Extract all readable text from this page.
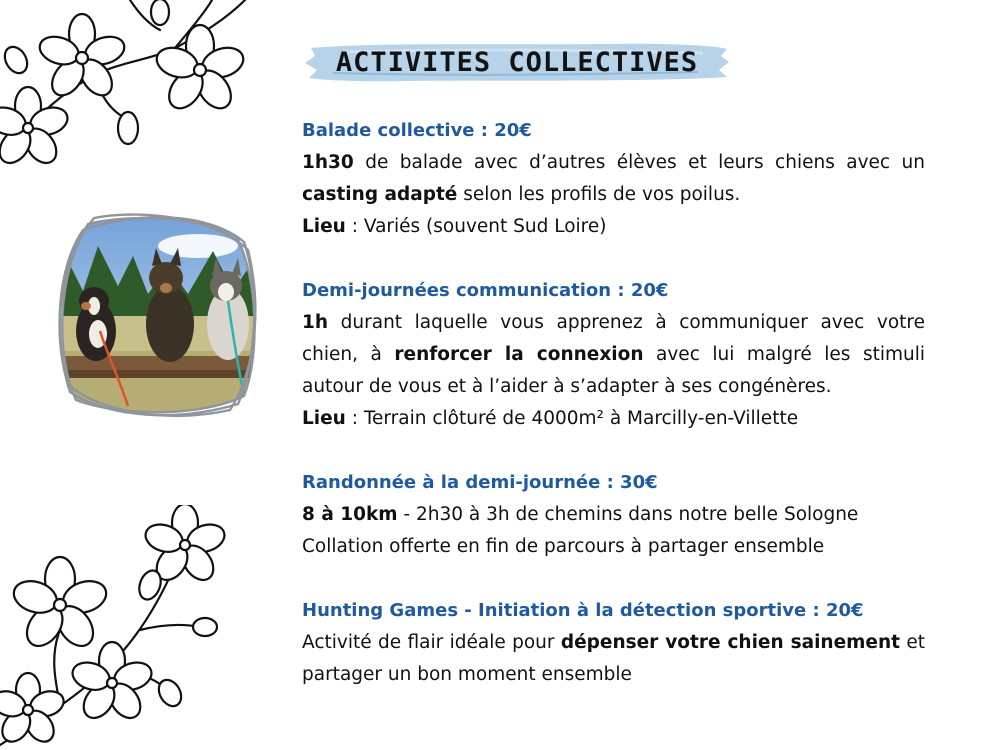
ACTIVITES COLLECTIVES
Balade collective : 20€

1h30 de balade avec d’autres élèves et leurs chiens avec un casting adapté selon les profils de vos poilus.

Lieu : Variés (souvent Sud Loire)

Demi-journées communication : 20€

1h durant laquelle vous apprenez à communiquer avec votre chien, à renforcer la connexion avec lui malgré les stimuli autour de vous et à l’aider à s’adapter à ses congénères.

Lieu : Terrain clôturé de 4000m² à Marcilly-en-Villette

Randonnée à la demi-journée : 30€

8 à 10km - 2h30 à 3h de chemins dans notre belle Sologne

Collation offerte en fin de parcours à partager ensemble

Hunting Games - Initiation à la détection sportive : 20€

Activité de flair idéale pour dépenser votre chien sainement et partager un bon moment ensemble
